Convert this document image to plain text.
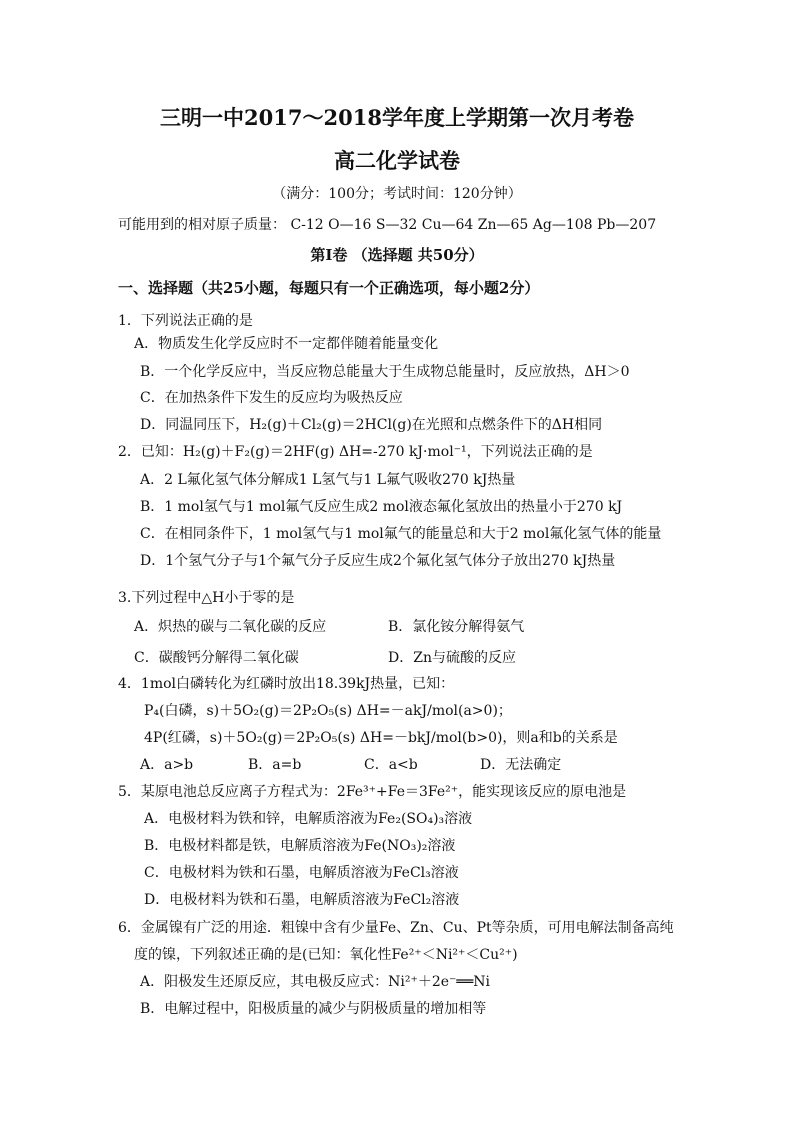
三明一中2017～2018学年度上学期第一次月考卷
高二化学试卷
（满分：100分；考试时间：120分钟）
可能用到的相对原子质量： C-12 O—16 S—32 Cu—64 Zn—65 Ag—108 Pb—207
第Ⅰ卷 （选择题 共50分）
一、选择题（共25小题，每题只有一个正确选项，每小题2分）
1．下列说法正确的是
A．物质发生化学反应时不一定都伴随着能量变化
B．一个化学反应中，当反应物总能量大于生成物总能量时，反应放热，ΔH＞0
C．在加热条件下发生的反应均为吸热反应
D．同温同压下，H₂(g)＋Cl₂(g)＝2HCl(g)在光照和点燃条件下的ΔH相同
2．已知：H₂(g)＋F₂(g)＝2HF(g) ΔH=-270 kJ·mol⁻¹，下列说法正确的是
A．2 L氟化氢气体分解成1 L氢气与1 L氟气吸收270 kJ热量
B．1 mol氢气与1 mol氟气反应生成2 mol液态氟化氢放出的热量小于270 kJ
C．在相同条件下，1 mol氢气与1 mol氟气的能量总和大于2 mol氟化氢气体的能量
D．1个氢气分子与1个氟气分子反应生成2个氟化氢气体分子放出270 kJ热量
3.下列过程中△H小于零的是
A．炽热的碳与二氧化碳的反应	B．氯化铵分解得氨气
C．碳酸钙分解得二氧化碳	D．Zn与硫酸的反应
4．1mol白磷转化为红磷时放出18.39kJ热量，已知：
P₄(白磷，s)＋5O₂(g)＝2P₂O₅(s) ΔH=－akJ/mol(a>0)；
4P(红磷，s)＋5O₂(g)＝2P₂O₅(s) ΔH=－bkJ/mol(b>0)，则a和b的关系是
A．a>b	B．a=b	C．a<b	D．无法确定
5．某原电池总反应离子方程式为：2Fe³⁺+Fe＝3Fe²⁺，能实现该反应的原电池是
A．电极材料为铁和锌，电解质溶液为Fe₂(SO₄)₃溶液
B．电极材料都是铁，电解质溶液为Fe(NO₃)₂溶液
C．电极材料为铁和石墨，电解质溶液为FeCl₃溶液
D．电极材料为铁和石墨，电解质溶液为FeCl₂溶液
6．金属镍有广泛的用途．粗镍中含有少量Fe、Zn、Cu、Pt等杂质，可用电解法制备高纯
度的镍，下列叙述正确的是(已知：氧化性Fe²⁺＜Ni²⁺＜Cu²⁺)
A．阳极发生还原反应，其电极反应式：Ni²⁺＋2e⁻══Ni
B．电解过程中，阳极质量的减少与阴极质量的增加相等
